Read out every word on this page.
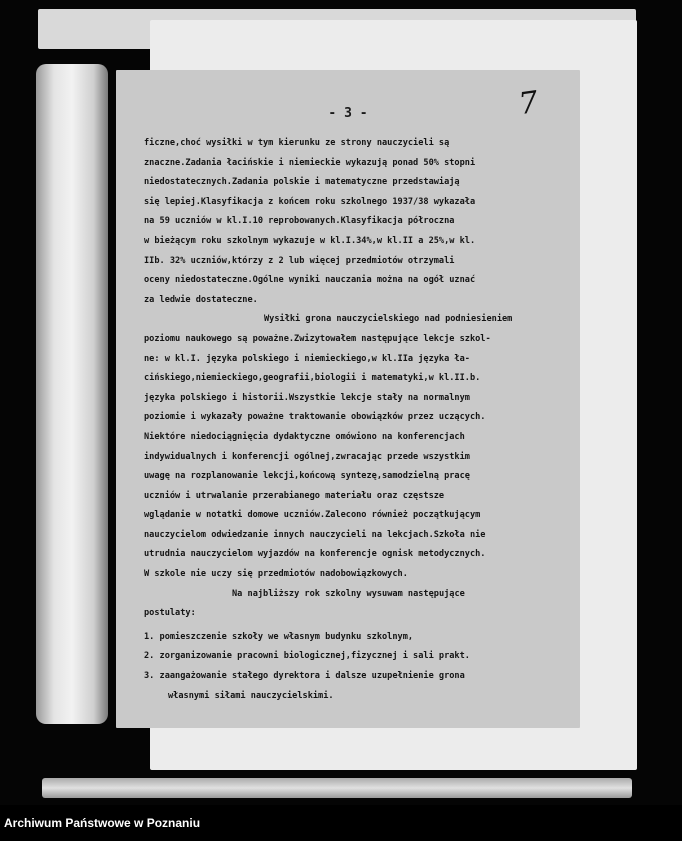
- 3 -	7
ficzne,choć wysiłki w tym kierunku ze strony nauczycieli są
znaczne.Zadania łacińskie i niemieckie wykazują ponad 50% stopni
niedostatecznych.Zadania polskie i matematyczne przedstawiają
się lepiej.Klasyfikacja z końcem roku szkolnego 1937/38 wykazała
na 59 uczniów w kl.I.10 reprobowanych.Klasyfikacja półroczna
w bieżącym roku szkolnym wykazuje w kl.I.34%,w kl.II a 25%,w kl.
IIb. 32% uczniów,którzy z 2 lub więcej przedmiotów otrzymali
oceny niedostateczne.Ogólne wyniki nauczania można na ogół uznać
za ledwie dostateczne.
Wysiłki grona nauczycielskiego nad podniesieniem
poziomu naukowego są poważne.Zwizytowałem następujące lekcje szkol-
ne: w kl.I. języka polskiego i niemieckiego,w kl.IIa języka ła-
cińskiego,niemieckiego,geografii,biologii i matematyki,w kl.II.b.
języka polskiego i historii.Wszystkie lekcje stały na normalnym
poziomie i wykazały poważne traktowanie obowiązków przez uczących.
Niektóre niedociągnięcia dydaktyczne omówiono na konferencjach
indywidualnych i konferencji ogólnej,zwracając przede wszystkim
uwagę na rozplanowanie lekcji,końcową syntezę,samodzielną pracę
uczniów i utrwalanie przerabianego materiału oraz częstsze
wglądanie w notatki domowe uczniów.Zalecono również początkującym
nauczycielom odwiedzanie innych nauczycieli na lekcjach.Szkoła nie
utrudnia nauczycielom wyjazdów na konferencje ognisk metodycznych.
W szkole nie uczy się przedmiotów nadobowiązkowych.
Na najbliższy rok szkolny wysuwam następujące
postulaty:
1. pomieszczenie szkoły we własnym budynku szkolnym,
2. zorganizowanie pracowni biologicznej,fizycznej i sali prakt.
3. zaangażowanie stałego dyrektora i dalsze uzupełnienie grona
własnymi siłami nauczycielskimi.
Archiwum Państwowe w Poznaniu
